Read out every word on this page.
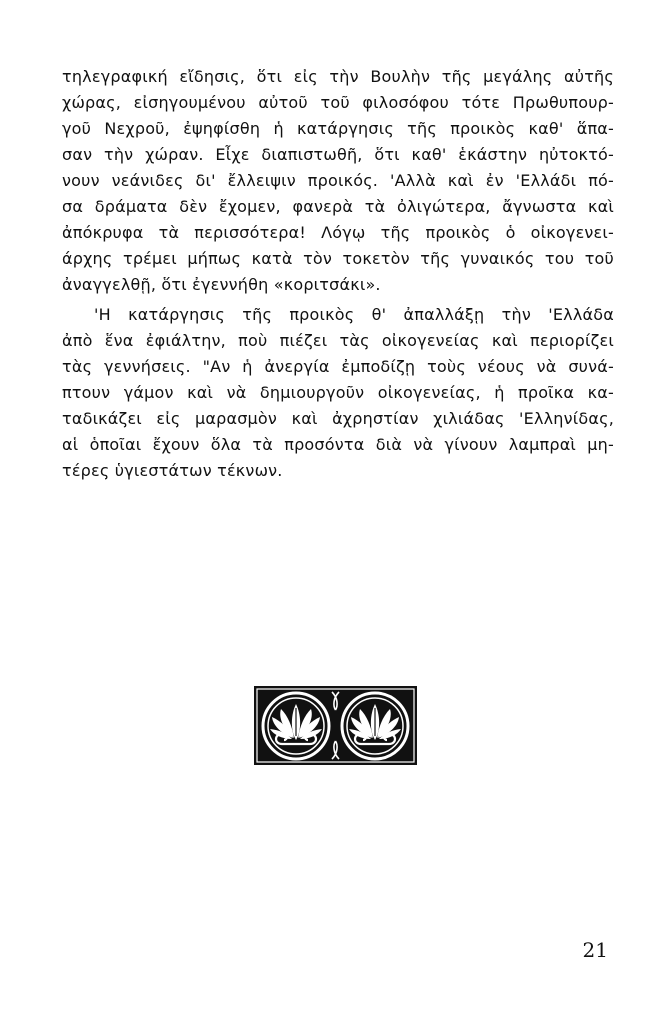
τηλεγραφική εἴδησις, ὅτι εἰς τὴν Βουλὴν τῆς μεγάλης αὐτῆς
χώρας, εἰσηγουμένου αὐτοῦ τοῦ φιλοσόφου τότε Πρωθυπουρ-
γοῦ Νεχροῦ, ἐψηφίσθη ἡ κατάργησις τῆς προικὸς καθ' ἅπα-
σαν τὴν χώραν. Εἶχε διαπιστωθῆ, ὅτι καθ' ἑκάστην ηὐτοκτό-
νουν νεάνιδες δι' ἔλλειψιν προικός. 'Αλλὰ καὶ ἐν 'Ελλάδι πό-
σα δράματα δὲν ἔχομεν, φανερὰ τὰ ὀλιγώτερα, ἄγνωστα καὶ
ἀπόκρυφα τὰ περισσότερα! Λόγῳ τῆς προικὸς ὁ οἰκογενει-
άρχης τρέμει μήπως κατὰ τὸν τοκετὸν τῆς γυναικός του τοῦ
ἀναγγελθῇ, ὅτι ἐγεννήθη «κοριτσάκι».
'Η κατάργησις τῆς προικὸς θ' ἀπαλλάξῃ τὴν 'Ελλάδα
ἀπὸ ἕνα ἐφιάλτην, ποὺ πιέζει τὰς οἰκογενείας καὶ περιορίζει
τὰς γεννήσεις. "Αν ἡ ἀνεργία ἐμποδίζῃ τοὺς νέους νὰ συνά-
πτουν γάμον καὶ νὰ δημιουργοῦν οἰκογενείας, ἡ προῖκα κα-
ταδικάζει εἰς μαρασμὸν καὶ ἀχρηστίαν χιλιάδας 'Ελληνίδας,
αἱ ὁποῖαι ἔχουν ὅλα τὰ προσόντα διὰ νὰ γίνουν λαμπραὶ μη-
τέρες ὑγιεστάτων τέκνων.
21
